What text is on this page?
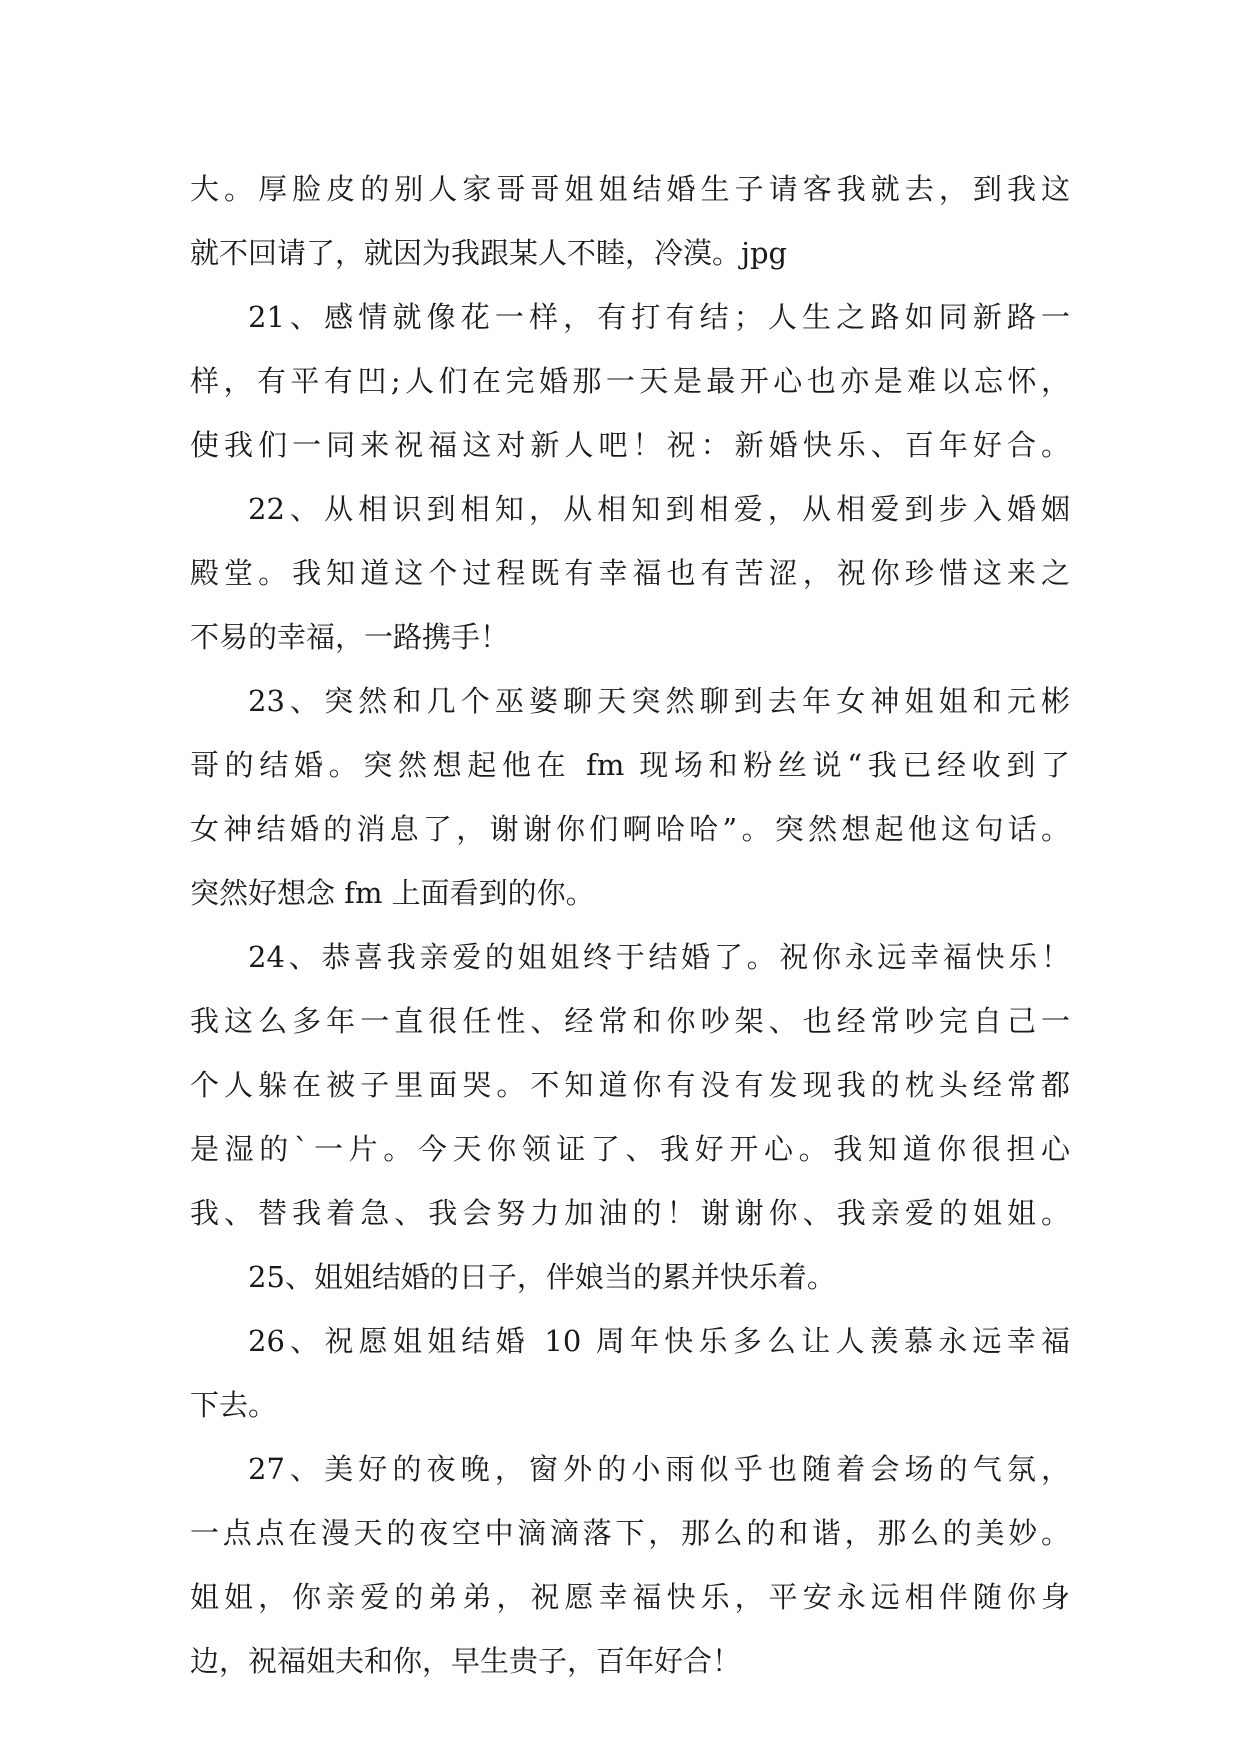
大。厚脸皮的别人家哥哥姐姐结婚生子请客我就去，到我这
就不回请了，就因为我跟某人不睦，冷漠。jpg
21、感情就像花一样，有打有结；人生之路如同新路一
样，有平有凹;人们在完婚那一天是最开心也亦是难以忘怀，
使我们一同来祝福这对新人吧！祝：新婚快乐、百年好合。
22、从相识到相知，从相知到相爱，从相爱到步入婚姻
殿堂。我知道这个过程既有幸福也有苦涩，祝你珍惜这来之
不易的幸福，一路携手！
23、突然和几个巫婆聊天突然聊到去年女神姐姐和元彬
哥的结婚。突然想起他在 fm 现场和粉丝说“我已经收到了
女神结婚的消息了，谢谢你们啊哈哈”。突然想起他这句话。
突然好想念 fm 上面看到的你。
24、恭喜我亲爱的姐姐终于结婚了。祝你永远幸福快乐！
我这么多年一直很任性、经常和你吵架、也经常吵完自己一
个人躲在被子里面哭。不知道你有没有发现我的枕头经常都
是湿的`一片。今天你领证了、我好开心。我知道你很担心
我、替我着急、我会努力加油的！谢谢你、我亲爱的姐姐。
25、姐姐结婚的日子，伴娘当的累并快乐着。
26、祝愿姐姐结婚 10 周年快乐多么让人羡慕永远幸福
下去。
27、美好的夜晚，窗外的小雨似乎也随着会场的气氛，
一点点在漫天的夜空中滴滴落下，那么的和谐，那么的美妙。
姐姐，你亲爱的弟弟，祝愿幸福快乐，平安永远相伴随你身
边，祝福姐夫和你，早生贵子，百年好合！
